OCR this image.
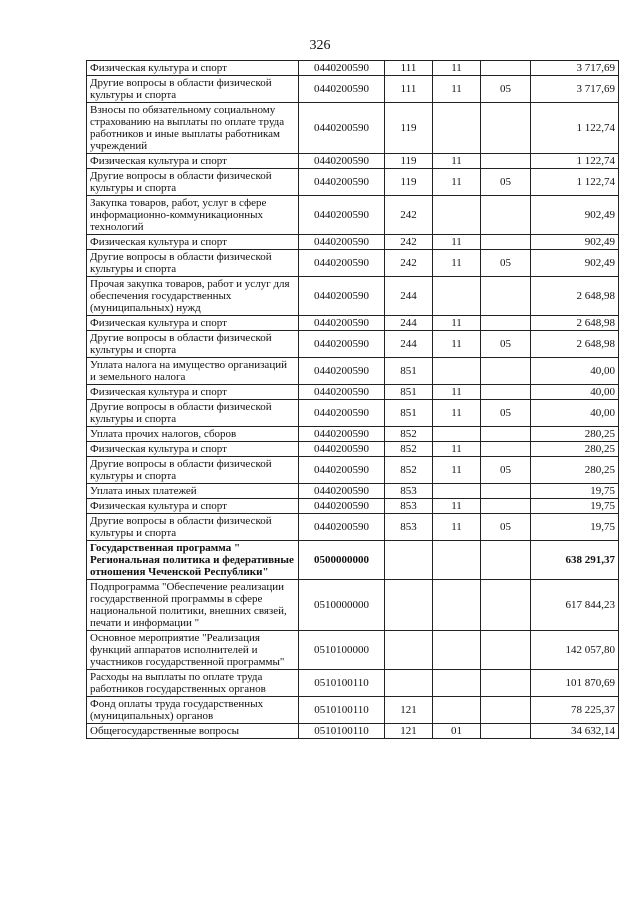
326
Физическая культура и спорт	0440200590	111	11		3 717,69
Другие вопросы в области физической культуры и спорта	0440200590	111	11	05	3 717,69
Взносы по обязательному социальному страхованию на выплаты по оплате труда работников и иные выплаты работникам учреждений	0440200590	119			1 122,74
Физическая культура и спорт	0440200590	119	11		1 122,74
Другие вопросы в области физической культуры и спорта	0440200590	119	11	05	1 122,74
Закупка товаров, работ, услуг в сфере информационно-коммуникационных технологий	0440200590	242			902,49
Физическая культура и спорт	0440200590	242	11		902,49
Другие вопросы в области физической культуры и спорта	0440200590	242	11	05	902,49
Прочая закупка товаров, работ и услуг для обеспечения государственных (муниципальных) нужд	0440200590	244			2 648,98
Физическая культура и спорт	0440200590	244	11		2 648,98
Другие вопросы в области физической культуры и спорта	0440200590	244	11	05	2 648,98
Уплата налога на имущество организаций и земельного налога	0440200590	851			40,00
Физическая культура и спорт	0440200590	851	11		40,00
Другие вопросы в области физической культуры и спорта	0440200590	851	11	05	40,00
Уплата прочих налогов, сборов	0440200590	852			280,25
Физическая культура и спорт	0440200590	852	11		280,25
Другие вопросы в области физической культуры и спорта	0440200590	852	11	05	280,25
Уплата иных платежей	0440200590	853			19,75
Физическая культура и спорт	0440200590	853	11		19,75
Другие вопросы в области физической культуры и спорта	0440200590	853	11	05	19,75
Государственная программа " Региональная политика и федеративные отношения Чеченской Республики"	0500000000				638 291,37
Подпрограмма "Обеспечение реализации государственной программы в сфере национальной политики, внешних связей, печати и информации "	0510000000				617 844,23
Основное мероприятие "Реализация функций аппаратов исполнителей и участников государственной программы"	0510100000				142 057,80
Расходы на выплаты по оплате труда работников государственных органов	0510100110				101 870,69
Фонд оплаты труда государственных (муниципальных) органов	0510100110	121			78 225,37
Общегосударственные вопросы	0510100110	121	01		34 632,14
